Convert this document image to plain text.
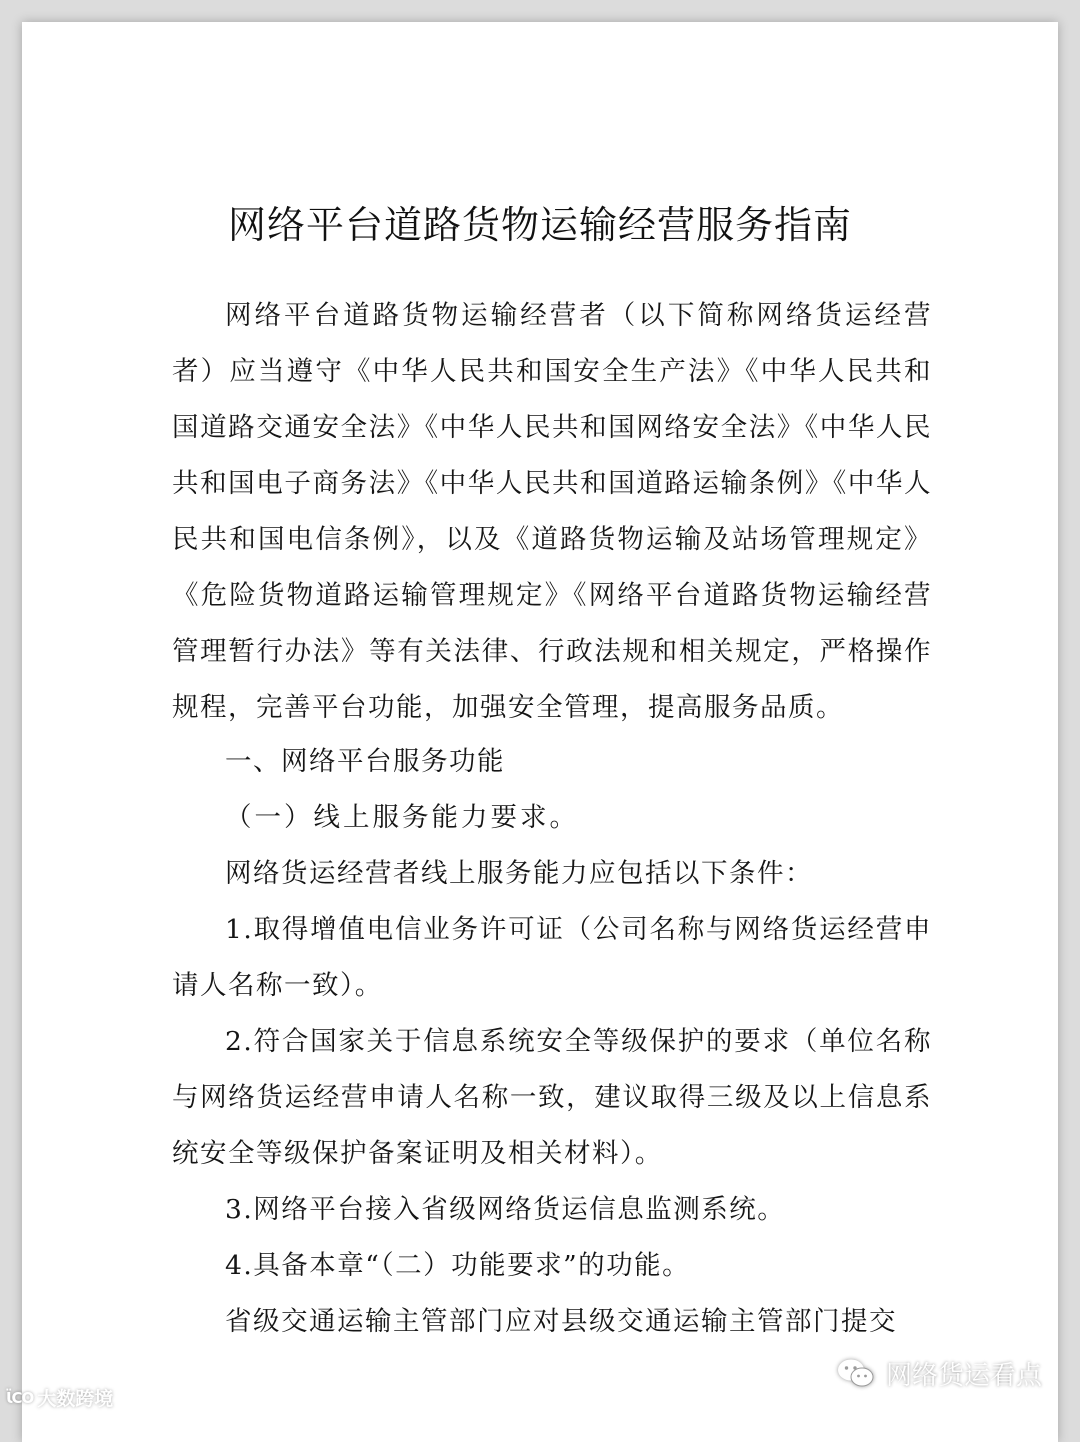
网络平台道路货物运输经营服务指南
网络平台道路货物运输经营者（以下简称网络货运经营者）应当遵守《中华人民共和国安全生产法》《中华人民共和国道路交通安全法》《中华人民共和国网络安全法》《中华人民共和国电子商务法》《中华人民共和国道路运输条例》《中华人民共和国电信条例》，以及《道路货物运输及站场管理规定》《危险货物道路运输管理规定》《网络平台道路货物运输经营管理暂行办法》等有关法律、行政法规和相关规定，严格操作规程，完善平台功能，加强安全管理，提高服务品质。
一、网络平台服务功能
（一）线上服务能力要求。
网络货运经营者线上服务能力应包括以下条件：
1.取得增值电信业务许可证（公司名称与网络货运经营申请人名称一致）。
2.符合国家关于信息系统安全等级保护的要求（单位名称与网络货运经营申请人名称一致，建议取得三级及以上信息系统安全等级保护备案证明及相关材料）。
3.网络平台接入省级网络货运信息监测系统。
4.具备本章“（二）功能要求”的功能。
省级交通运输主管部门应对县级交通运输主管部门提交
Ɩ̈CO 大数跨境
网络货运看点
